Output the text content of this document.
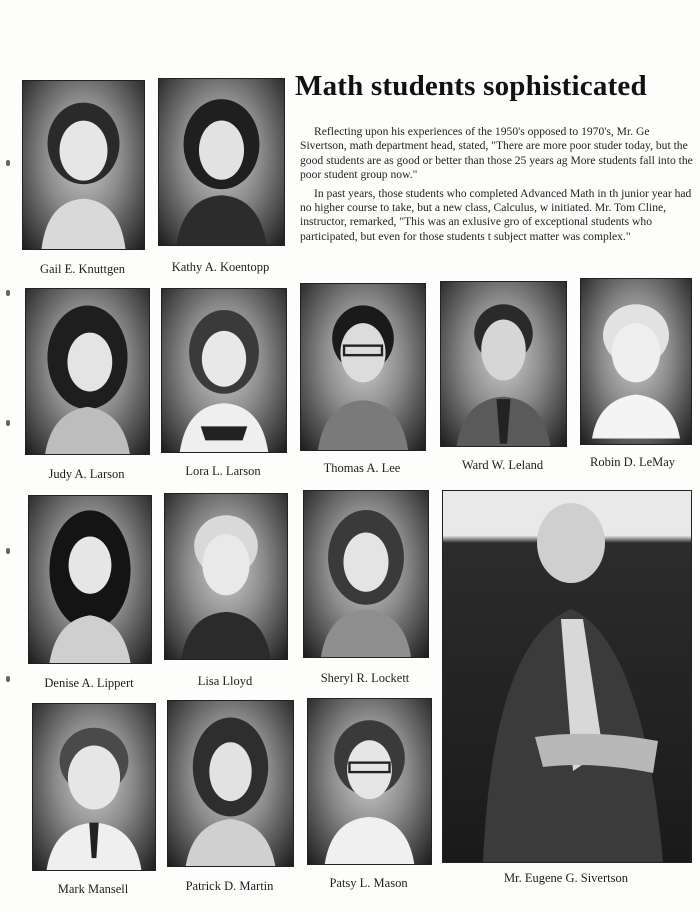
Gail E. Knuttgen	Kathy A. Koentopp
Math students sophisticated

Reflecting upon his experiences of the 1950's opposed to 1970's, Mr. Ge Sivertson, math department head, stated, "There are more poor studer today, but the good students are as good or better than those 25 years ag More students fall into the poor student group now."

In past years, those students who completed Advanced Math in th junior year had no higher course to take, but a new class, Calculus, w initiated. Mr. Tom Cline, instructor, remarked, "This was an exlusive gro of exceptional students who participated, but even for those students t subject matter was complex."

Judy A. Larson	Lora L. Larson	Thomas A. Lee	Ward W. Leland	Robin D. LeMay
Denise A. Lippert	Lisa Lloyd	Sheryl R. Lockett
Mr. Eugene G. Sivertson
Mark Mansell	Patrick D. Martin	Patsy L. Mason
